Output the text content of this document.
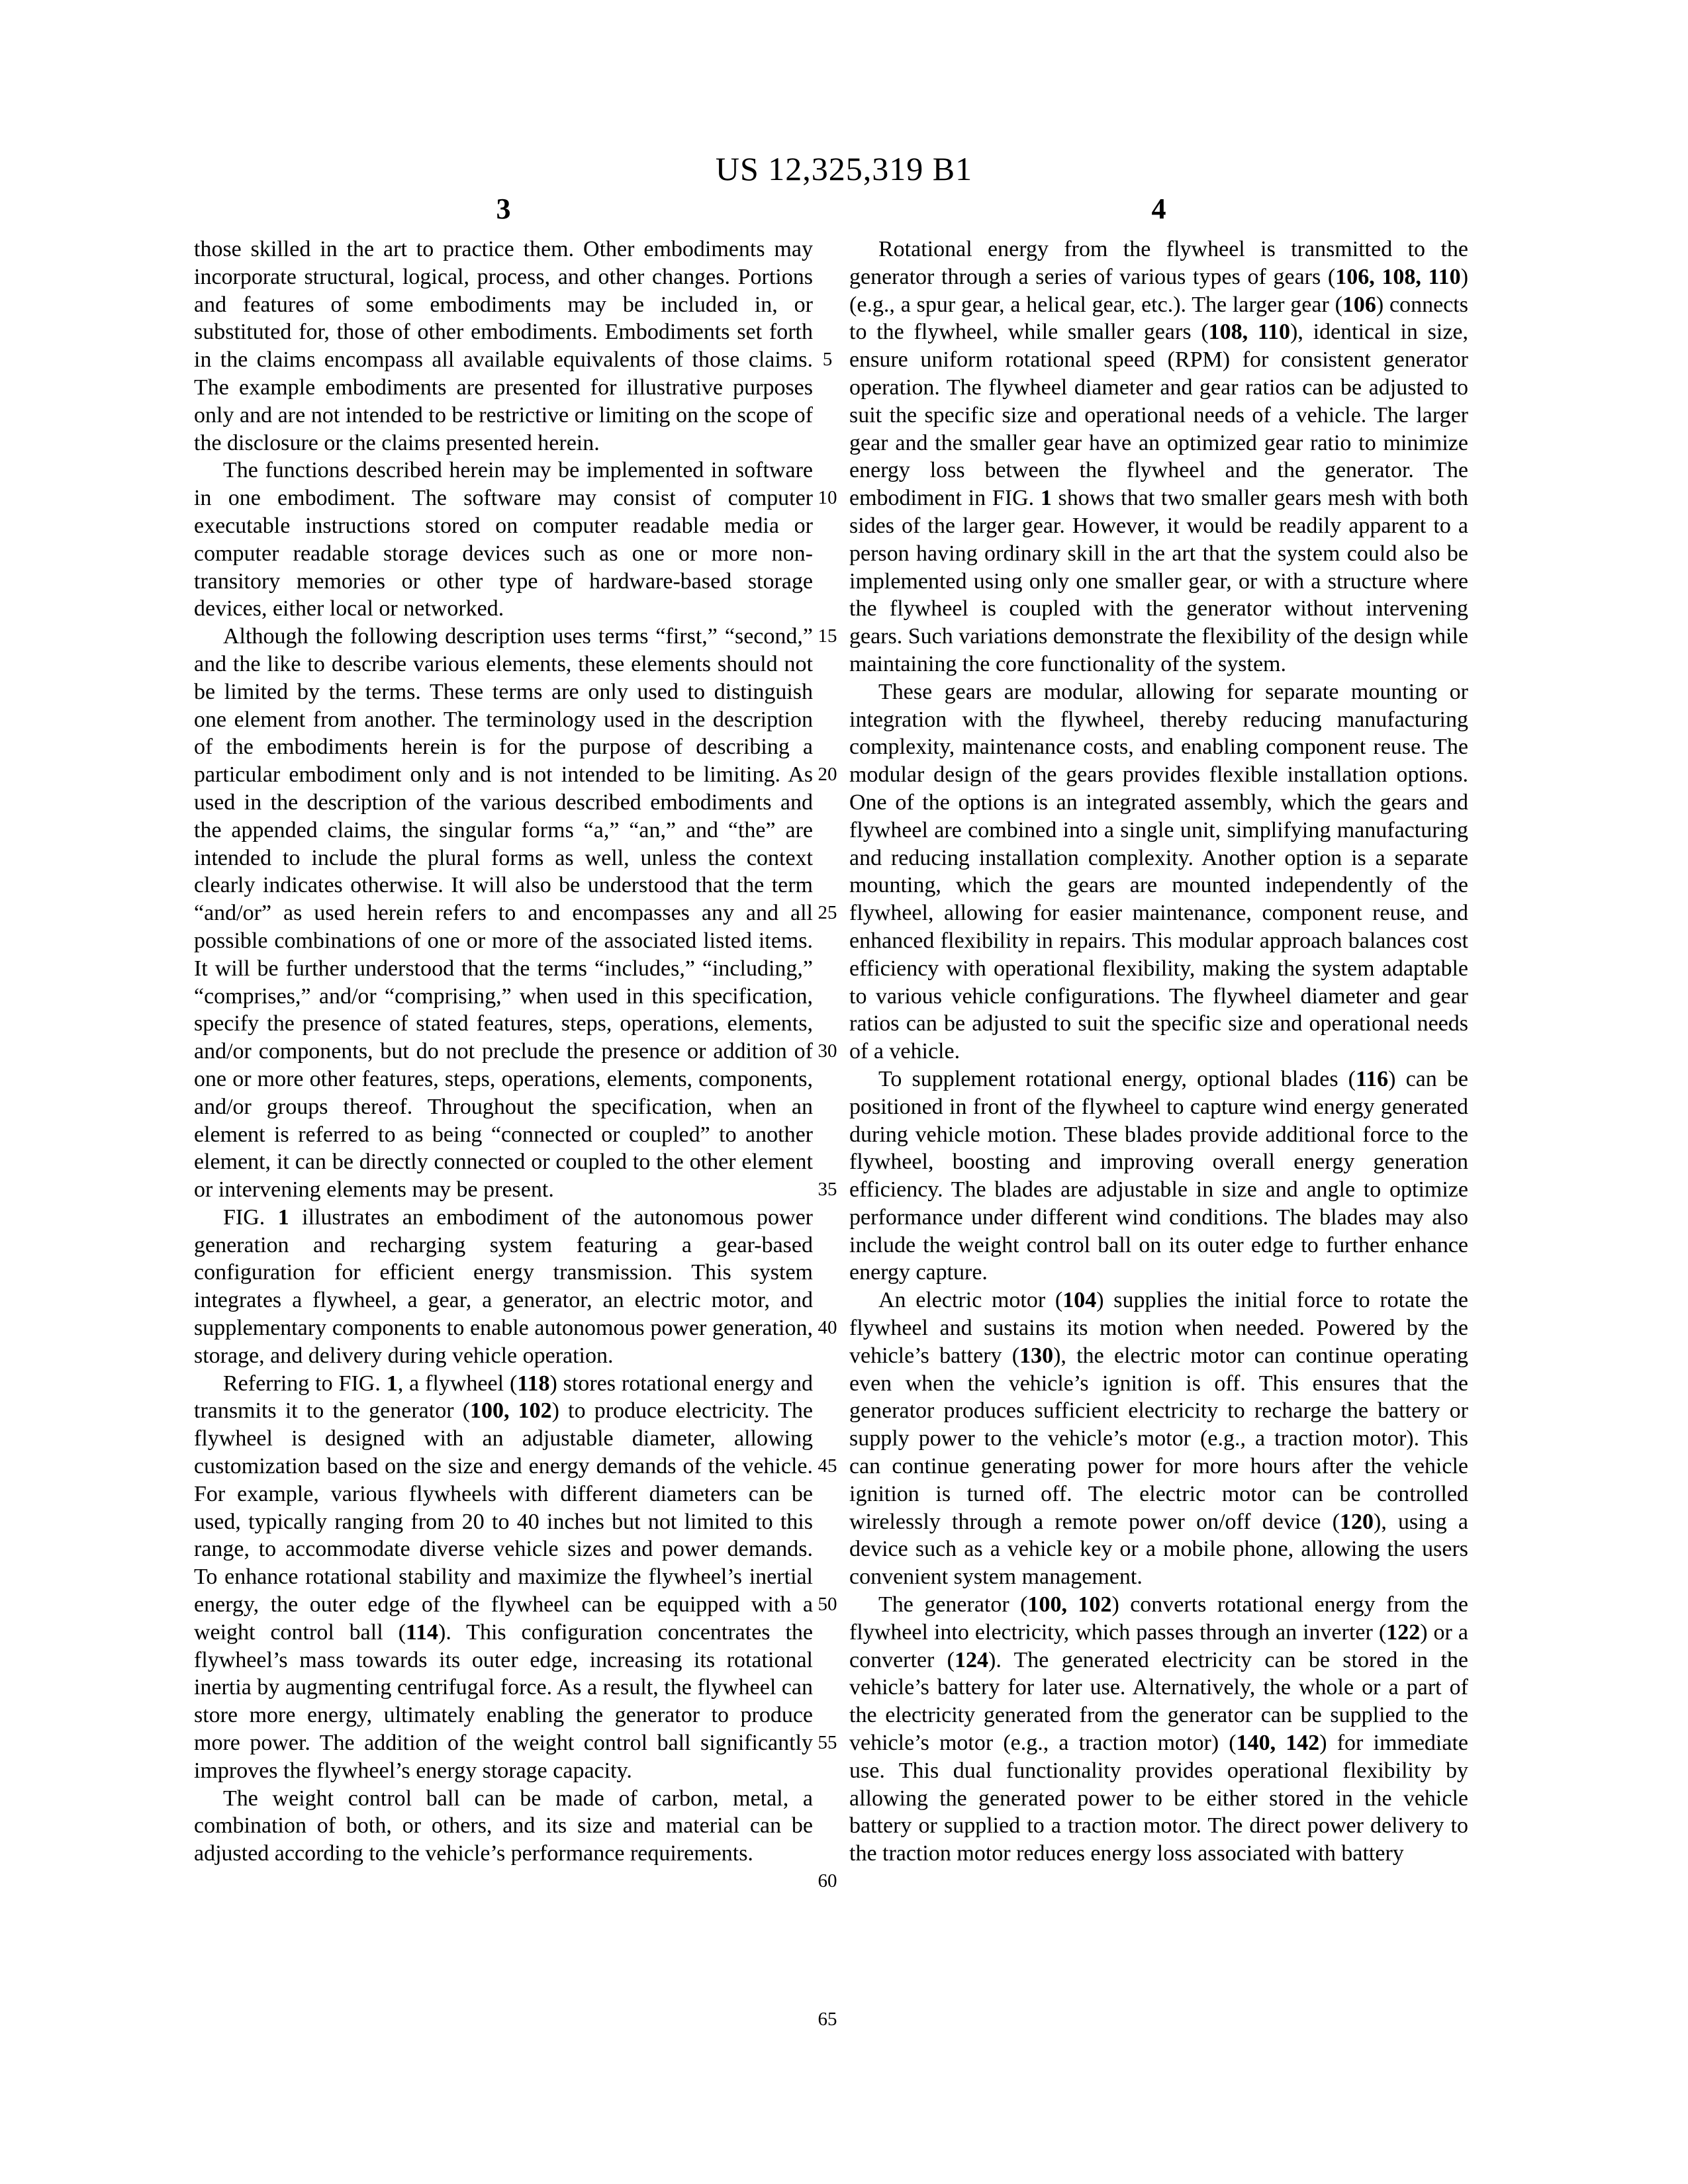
US 12,325,319 B1
3	4

those skilled in the art to practice them. Other embodiments may incorporate structural, logical, process, and other changes. Portions and features of some embodiments may be included in, or substituted for, those of other embodiments. Embodiments set forth in the claims encompass all available equivalents of those claims. The example embodiments are presented for illustrative purposes only and are not intended to be restrictive or limiting on the scope of the disclosure or the claims presented herein.

The functions described herein may be implemented in software in one embodiment. The software may consist of computer executable instructions stored on computer readable media or computer readable storage devices such as one or more non-transitory memories or other type of hardware-based storage devices, either local or networked.

Although the following description uses terms “first,” “second,” and the like to describe various elements, these elements should not be limited by the terms. These terms are only used to distinguish one element from another. The terminology used in the description of the embodiments herein is for the purpose of describing a particular embodiment only and is not intended to be limiting. As used in the description of the various described embodiments and the appended claims, the singular forms “a,” “an,” and “the” are intended to include the plural forms as well, unless the context clearly indicates otherwise. It will also be understood that the term “and/or” as used herein refers to and encompasses any and all possible combinations of one or more of the associated listed items. It will be further understood that the terms “includes,” “including,” “comprises,” and/or “comprising,” when used in this specification, specify the presence of stated features, steps, operations, elements, and/or components, but do not preclude the presence or addition of one or more other features, steps, operations, elements, components, and/or groups thereof. Throughout the specification, when an element is referred to as being “connected or coupled” to another element, it can be directly connected or coupled to the other element or intervening elements may be present.

FIG. 1 illustrates an embodiment of the autonomous power generation and recharging system featuring a gear-based configuration for efficient energy transmission. This system integrates a flywheel, a gear, a generator, an electric motor, and supplementary components to enable autonomous power generation, storage, and delivery during vehicle operation.

Referring to FIG. 1, a flywheel (118) stores rotational energy and transmits it to the generator (100, 102) to produce electricity. The flywheel is designed with an adjustable diameter, allowing customization based on the size and energy demands of the vehicle. For example, various flywheels with different diameters can be used, typically ranging from 20 to 40 inches but not limited to this range, to accommodate diverse vehicle sizes and power demands. To enhance rotational stability and maximize the flywheel’s inertial energy, the outer edge of the flywheel can be equipped with a weight control ball (114). This configuration concentrates the flywheel’s mass towards its outer edge, increasing its rotational inertia by augmenting centrifugal force. As a result, the flywheel can store more energy, ultimately enabling the generator to produce more power. The addition of the weight control ball significantly improves the flywheel’s energy storage capacity.

The weight control ball can be made of carbon, metal, a combination of both, or others, and its size and material can be adjusted according to the vehicle’s performance requirements.

Rotational energy from the flywheel is transmitted to the generator through a series of various types of gears (106, 108, 110) (e.g., a spur gear, a helical gear, etc.). The larger gear (106) connects to the flywheel, while smaller gears (108, 110), identical in size, ensure uniform rotational speed (RPM) for consistent generator operation. The flywheel diameter and gear ratios can be adjusted to suit the specific size and operational needs of a vehicle. The larger gear and the smaller gear have an optimized gear ratio to minimize energy loss between the flywheel and the generator. The embodiment in FIG. 1 shows that two smaller gears mesh with both sides of the larger gear. However, it would be readily apparent to a person having ordinary skill in the art that the system could also be implemented using only one smaller gear, or with a structure where the flywheel is coupled with the generator without intervening gears. Such variations demonstrate the flexibility of the design while maintaining the core functionality of the system.

These gears are modular, allowing for separate mounting or integration with the flywheel, thereby reducing manufacturing complexity, maintenance costs, and enabling component reuse. The modular design of the gears provides flexible installation options. One of the options is an integrated assembly, which the gears and flywheel are combined into a single unit, simplifying manufacturing and reducing installation complexity. Another option is a separate mounting, which the gears are mounted independently of the flywheel, allowing for easier maintenance, component reuse, and enhanced flexibility in repairs. This modular approach balances cost efficiency with operational flexibility, making the system adaptable to various vehicle configurations. The flywheel diameter and gear ratios can be adjusted to suit the specific size and operational needs of a vehicle.

To supplement rotational energy, optional blades (116) can be positioned in front of the flywheel to capture wind energy generated during vehicle motion. These blades provide additional force to the flywheel, boosting and improving overall energy generation efficiency. The blades are adjustable in size and angle to optimize performance under different wind conditions. The blades may also include the weight control ball on its outer edge to further enhance energy capture.

An electric motor (104) supplies the initial force to rotate the flywheel and sustains its motion when needed. Powered by the vehicle’s battery (130), the electric motor can continue operating even when the vehicle’s ignition is off. This ensures that the generator produces sufficient electricity to recharge the battery or supply power to the vehicle’s motor (e.g., a traction motor). This can continue generating power for more hours after the vehicle ignition is turned off. The electric motor can be controlled wirelessly through a remote power on/off device (120), using a device such as a vehicle key or a mobile phone, allowing the users convenient system management.

The generator (100, 102) converts rotational energy from the flywheel into electricity, which passes through an inverter (122) or a converter (124). The generated electricity can be stored in the vehicle’s battery for later use. Alternatively, the whole or a part of the electricity generated from the generator can be supplied to the vehicle’s motor (e.g., a traction motor) (140, 142) for immediate use. This dual functionality provides operational flexibility by allowing the generated power to be either stored in the vehicle battery or supplied to a traction motor. The direct power delivery to the traction motor reduces energy loss associated with battery

5
10
15
20
25
30
35
40
45
50
55
60
65
